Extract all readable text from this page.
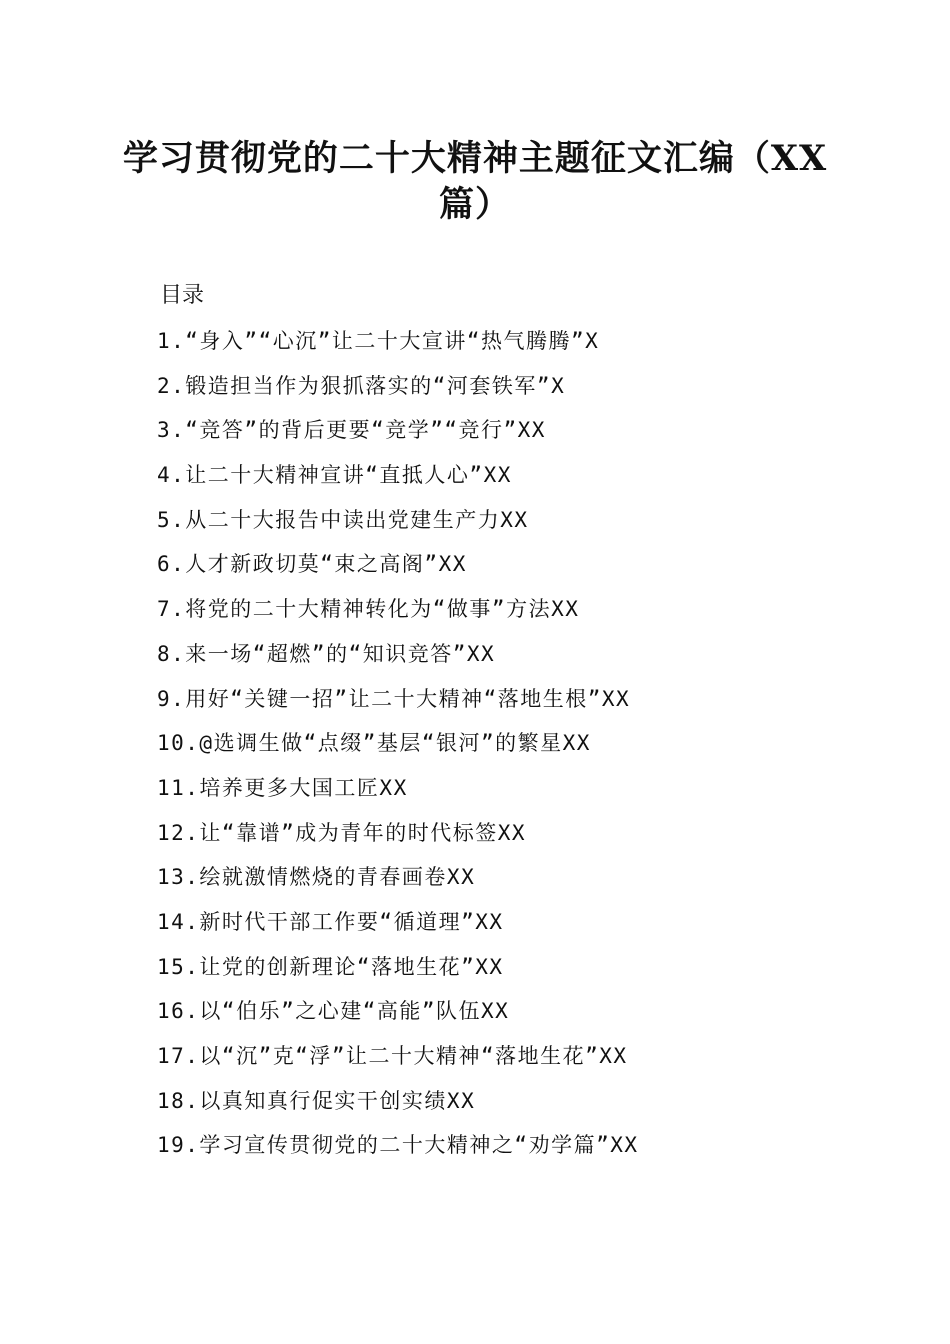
学习贯彻党的二十大精神主题征文汇编（XX篇）

目录

1.“身入”“心沉”让二十大宣讲“热气腾腾”X
2.锻造担当作为狠抓落实的“河套铁军”X
3.“竞答”的背后更要“竞学”“竞行”XX
4.让二十大精神宣讲“直抵人心”XX
5.从二十大报告中读出党建生产力XX
6.人才新政切莫“束之高阁”XX
7.将党的二十大精神转化为“做事”方法XX
8.来一场“超燃”的“知识竞答”XX
9.用好“关键一招”让二十大精神“落地生根”XX
10.@选调生做“点缀”基层“银河”的繁星XX
11.培养更多大国工匠XX
12.让“靠谱”成为青年的时代标签XX
13.绘就激情燃烧的青春画卷XX
14.新时代干部工作要“循道理”XX
15.让党的创新理论“落地生花”XX
16.以“伯乐”之心建“高能”队伍XX
17.以“沉”克“浮”让二十大精神“落地生花”XX
18.以真知真行促实干创实绩XX
19.学习宣传贯彻党的二十大精神之“劝学篇”XX
